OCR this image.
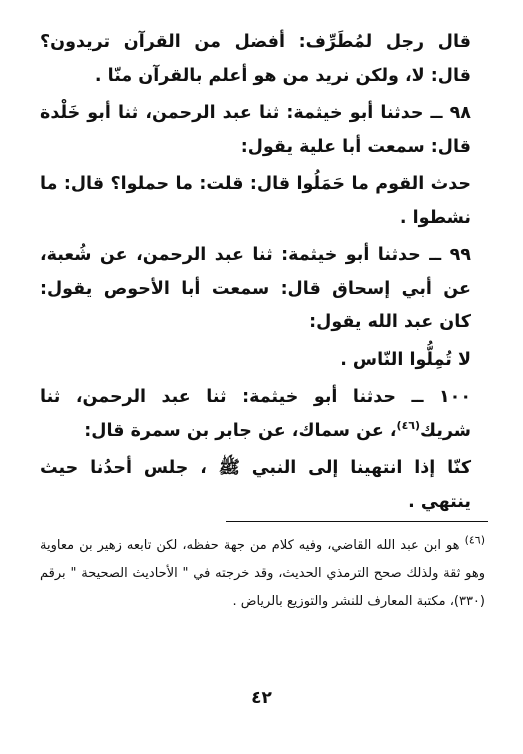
قال رجل لمُطَرِّف: أفضل من القرآن تريدون؟ قال: لا، ولكن نريد من هو أعلم بالقرآن منّا .

٩٨ ــ حدثنا أبو خيثمة: ثنا عبد الرحمن، ثنا أبو خَلْدة قال: سمعت أبا علية يقول:

حدث القوم ما حَمَلُوا قال: قلت: ما حملوا؟ قال: ما نشطوا .

٩٩ ــ حدثنا أبو خيثمة: ثنا عبد الرحمن، عن شُعبة، عن أبي إسحاق قال: سمعت أبا الأحوص يقول: كان عبد الله يقول:

لا تُمِلُّوا النّاس .

١٠٠ ــ حدثنا أبو خيثمة: ثنا عبد الرحمن، ثنا شريك$^{(٤٦)}$، عن سماك، عن جابر بن سمرة قال:

كنّا إذا انتهينا إلى النبي ﷺ ، جلس أحدُنا حيث ينتهي .

$^{(٤٦)}$ هو ابن عبد الله القاضي، وفيه كلام من جهة حفظه، لكن تابعه زهير بن معاوية وهو ثقة ولذلك صحح الترمذي الحديث، وقد خرجته في " الأحاديث الصحيحة " برقم (٣٣٠)، مكتبة المعارف للنشر والتوزيع بالرياض .

٤٢
